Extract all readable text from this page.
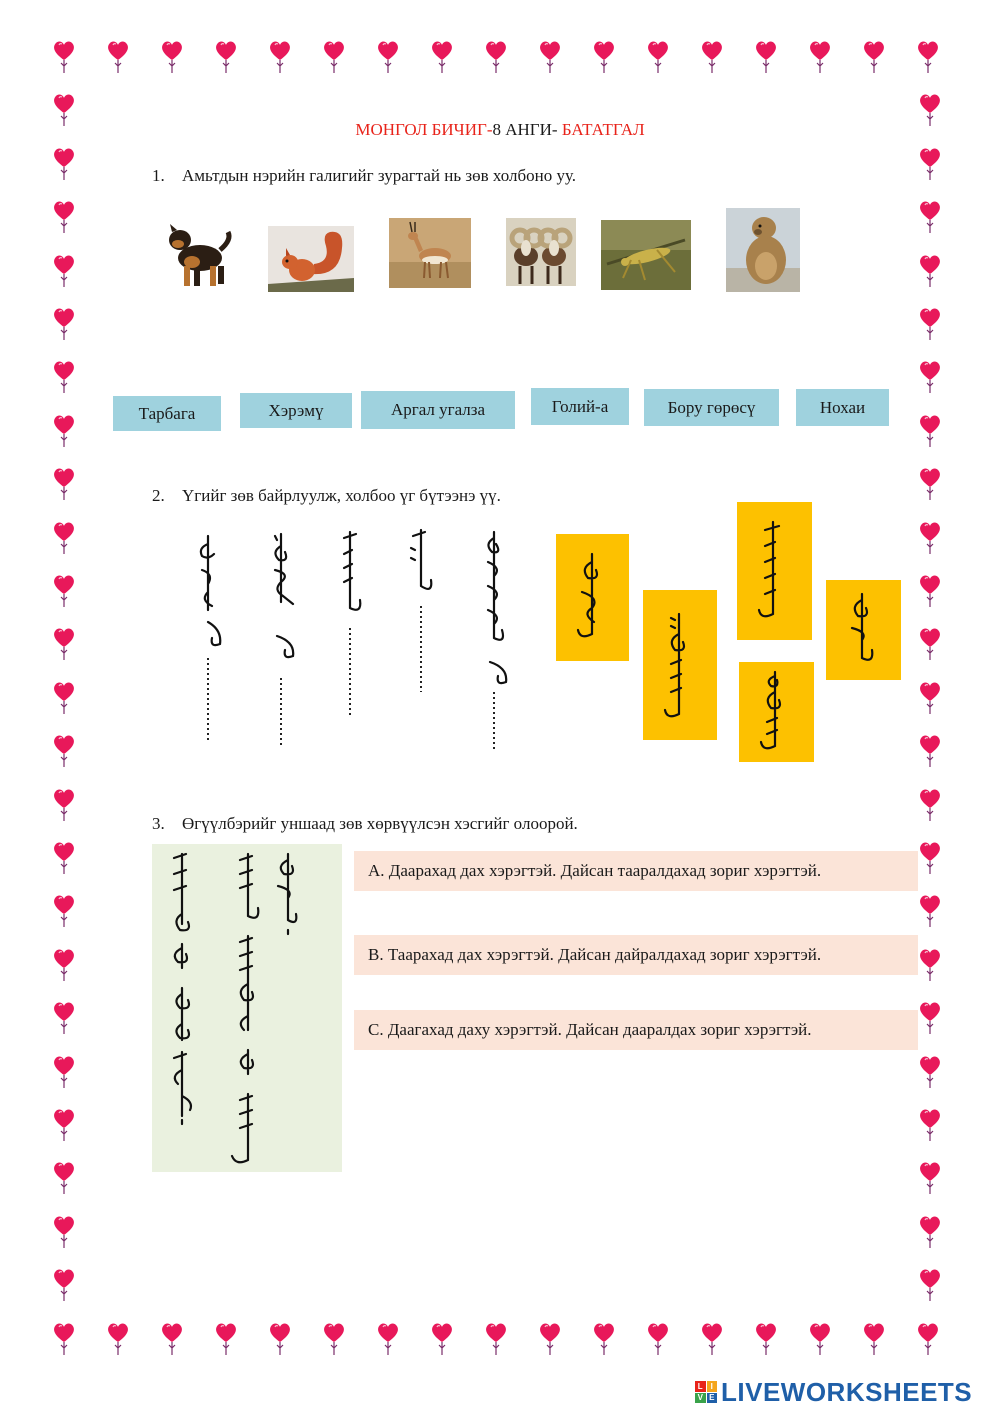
МОНГОЛ БИЧИГ-8 АНГИ- БАТАТГАЛ
1. Амьтдын нэрийн галигийг зурагтай нь зөв холбоно уу.
Тарбага	Хэрэмү	Аргал угалза	Голий-а	Бору гөрөсү	Нохаи
2. Үгийг зөв байрлуулж, холбоо үг бүтээнэ үү.
3. Өгүүлбэрийг уншаад зөв хөрвүүлсэн хэсгийг олоорой.
A. Даарахад дах хэрэгтэй. Дайсан тааралдахад зориг хэрэгтэй.
B. Таарахад дах хэрэгтэй. Дайсан дайралдахад зориг хэрэгтэй.
C. Даагахад даху хэрэгтэй. Дайсан дааралдах зориг хэрэгтэй.
L I
V E LIVEWORKSHEETS
